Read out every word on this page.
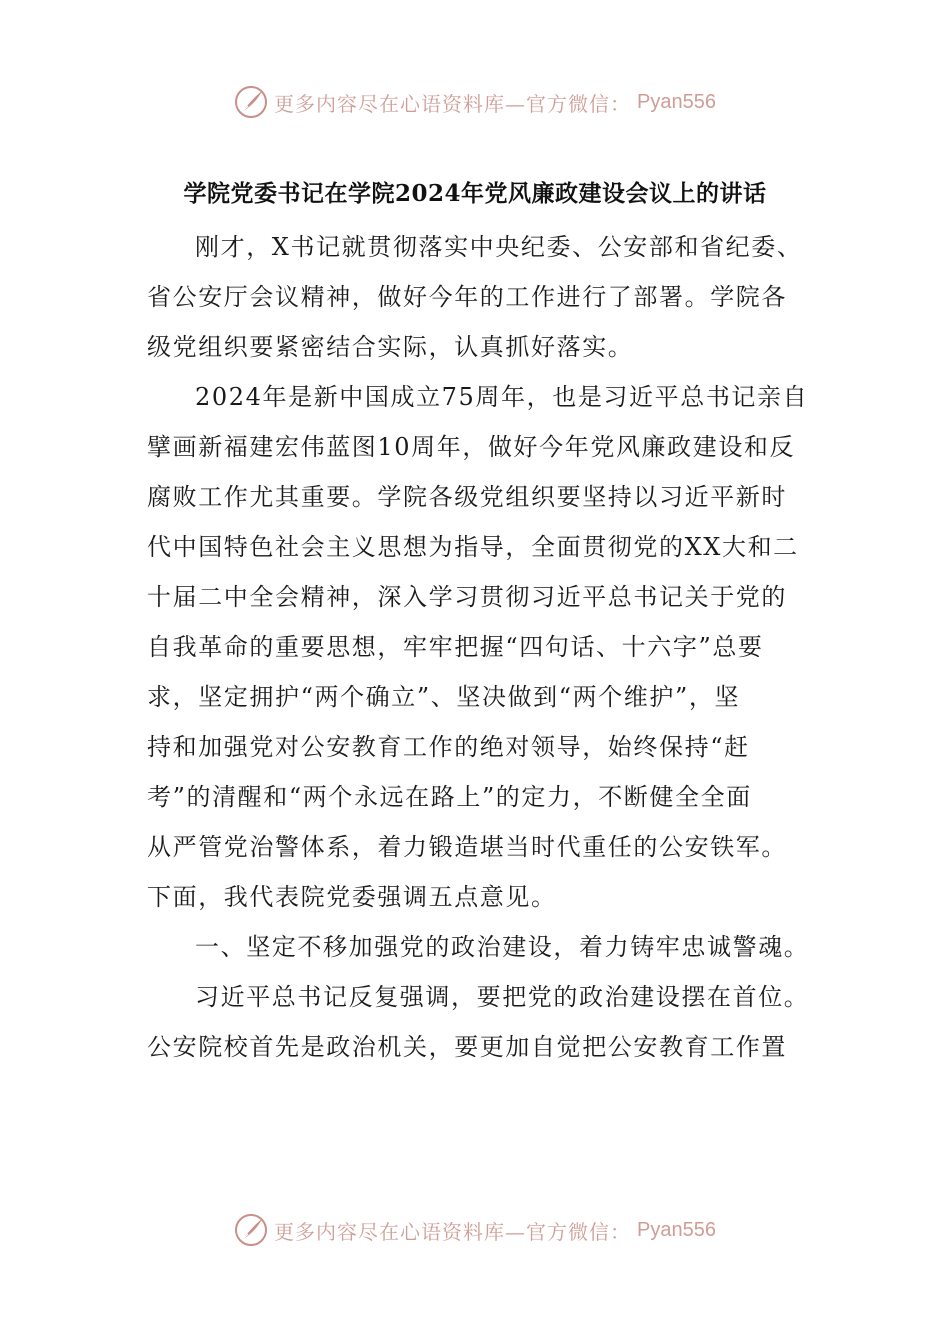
更多内容尽在心语资料库—官方微信： Pyan556
学院党委书记在学院2024年党风廉政建设会议上的讲话
刚才，X书记就贯彻落实中央纪委、公安部和省纪委、
省公安厅会议精神，做好今年的工作进行了部署。学院各
级党组织要紧密结合实际，认真抓好落实。
2024年是新中国成立75周年，也是习近平总书记亲自
擘画新福建宏伟蓝图10周年，做好今年党风廉政建设和反
腐败工作尤其重要。学院各级党组织要坚持以习近平新时
代中国特色社会主义思想为指导，全面贯彻党的XX大和二
十届二中全会精神，深入学习贯彻习近平总书记关于党的
自我革命的重要思想，牢牢把握“四句话、十六字”总要
求，坚定拥护“两个确立”、坚决做到“两个维护”，坚
持和加强党对公安教育工作的绝对领导，始终保持“赶
考”的清醒和“两个永远在路上”的定力，不断健全全面
从严管党治警体系，着力锻造堪当时代重任的公安铁军。
下面，我代表院党委强调五点意见。
一、坚定不移加强党的政治建设，着力铸牢忠诚警魂。
习近平总书记反复强调，要把党的政治建设摆在首位。
公安院校首先是政治机关，要更加自觉把公安教育工作置
更多内容尽在心语资料库—官方微信： Pyan556
